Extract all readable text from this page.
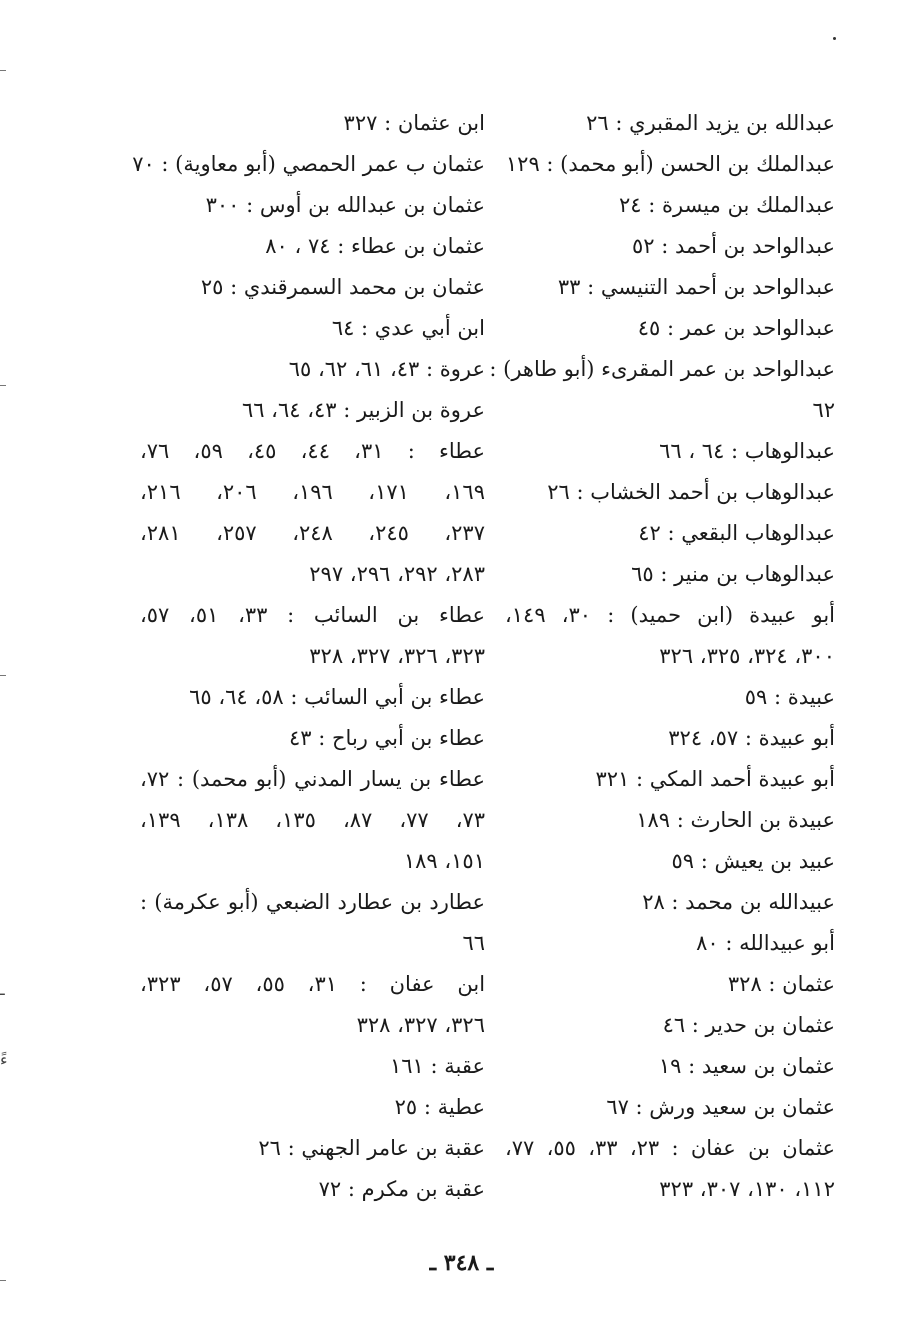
ـ
ءً
عبدالله بن يزيد المقبري : ٢٦
عبدالملك بن الحسن (أبو محمد) : ١٢٩
عبدالملك بن ميسرة : ٢٤
عبدالواحد بن أحمد : ٥٢
عبدالواحد بن أحمد التنيسي : ٣٣
عبدالواحد بن عمر : ٤٥
عبدالواحد بن عمر المقرىء (أبو طاهر) :
٦٢
عبدالوهاب : ٦٤ ، ٦٦
عبدالوهاب بن أحمد الخشاب : ٢٦
عبدالوهاب البقعي : ٤٢
عبدالوهاب بن منير : ٦٥
أبو عبيدة (ابن حميد) : ٣٠، ١٤٩،
٣٠٠، ٣٢٤، ٣٢٥، ٣٢٦
عبيدة : ٥٩
أبو عبيدة : ٥٧، ٣٢٤
أبو عبيدة أحمد المكي : ٣٢١
عبيدة بن الحارث : ١٨٩
عبيد بن يعيش : ٥٩
عبيدالله بن محمد : ٢٨
أبو عبيدالله : ٨٠
عثمان : ٣٢٨
عثمان بن حدير : ٤٦
عثمان بن سعيد : ١٩
عثمان بن سعيد ورش : ٦٧
عثمان بن عفان : ٢٣، ٣٣، ٥٥، ٧٧،
١١٢، ١٣٠، ٣٠٧، ٣٢٣
ابن عثمان : ٣٢٧
عثمان ب عمر الحمصي (أبو معاوية) : ٧٠
عثمان بن عبدالله بن أوس : ٣٠٠
عثمان بن عطاء : ٧٤ ، ٨٠
عثمان بن محمد السمرقندي : ٢٥
ابن أبي عدي : ٦٤
عروة : ٤٣، ٦١، ٦٢، ٦٥
عروة بن الزبير : ٤٣، ٦٤، ٦٦
عطاء : ٣١، ٤٤، ٤٥، ٥٩، ٧٦،
١٦٩، ١٧١، ١٩٦، ٢٠٦، ٢١٦،
٢٣٧، ٢٤٥، ٢٤٨، ٢٥٧، ٢٨١،
٢٨٣، ٢٩٢، ٢٩٦، ٢٩٧
عطاء بن السائب : ٣٣، ٥١، ٥٧،
٣٢٣، ٣٢٦، ٣٢٧، ٣٢٨
عطاء بن أبي السائب : ٥٨، ٦٤، ٦٥
عطاء بن أبي رباح : ٤٣
عطاء بن يسار المدني (أبو محمد) : ٧٢،
٧٣، ٧٧، ٨٧، ١٣٥، ١٣٨، ١٣٩،
١٥١، ١٨٩
عطارد بن عطارد الضبعي (أبو عكرمة) :
٦٦
ابن عفان : ٣١، ٥٥، ٥٧، ٣٢٣،
٣٢٦، ٣٢٧، ٣٢٨
عقبة : ١٦١
عطية : ٢٥
عقبة بن عامر الجهني : ٢٦
عقبة بن مكرم : ٧٢
ـ ٣٤٨ ـ
